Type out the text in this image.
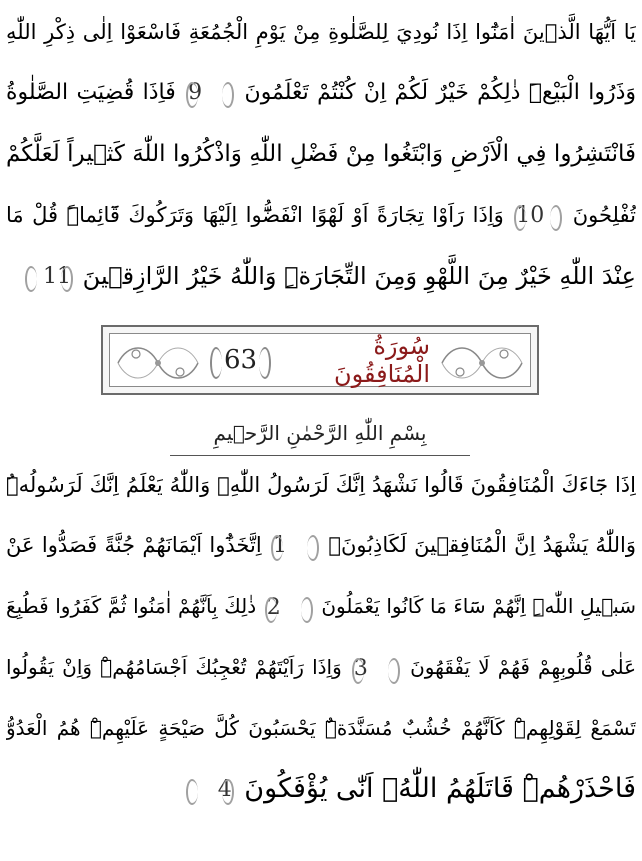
يَا اَيُّهَا الَّذ۪ينَ اٰمَنُٓوا اِذَا نُودِيَ لِلصَّلٰوةِ مِنْ يَوْمِ الْجُمُعَةِ فَاسْعَوْا اِلٰى ذِكْرِ اللّٰهِ
وَذَرُوا الْبَيْعَۜ ذٰلِكُمْ خَيْرٌ لَكُمْ اِنْ كُنْتُمْ تَعْلَمُونَ 9 فَاِذَا قُضِيَتِ الصَّلٰوةُ
فَانْتَشِرُوا فِي الْاَرْضِ وَابْتَغُوا مِنْ فَضْلِ اللّٰهِ وَاذْكُرُوا اللّٰهَ كَث۪يراً لَعَلَّكُمْ
تُفْلِحُونَ 10 وَاِذَا رَاَوْا تِجَارَةً اَوْ لَهْوًا انْفَضُّٓوا اِلَيْهَا وَتَرَكُوكَ قَٓائِماًۜ قُلْ مَا
عِنْدَ اللّٰهِ خَيْرٌ مِنَ اللَّهْوِ وَمِنَ التِّجَارَةِۜ وَاللّٰهُ خَيْرُ الرَّازِق۪ينَ 11
سُورَةُ الْمُنَافِقُونَ
63
بِسْمِ اللّٰهِ الرَّحْمٰنِ الرَّح۪يمِ
اِذَا جَٓاءَكَ الْمُنَافِقُونَ قَالُوا نَشْهَدُ اِنَّكَ لَرَسُولُ اللّٰهِۢ وَاللّٰهُ يَعْلَمُ اِنَّكَ لَرَسُولُهُۜ
وَاللّٰهُ يَشْهَدُ اِنَّ الْمُنَافِق۪ينَ لَكَاذِبُونَۚ 1 اِتَّخَذُٓوا اَيْمَانَهُمْ جُنَّةً فَصَدُّوا عَنْ
سَب۪يلِ اللّٰهِۜ اِنَّهُمْ سَٓاءَ مَا كَانُوا يَعْمَلُونَ 2 ذٰلِكَ بِاَنَّهُمْ اٰمَنُوا ثُمَّ كَفَرُوا فَطُبِعَ
عَلٰى قُلُوبِهِمْ فَهُمْ لَا يَفْقَهُونَ 3 وَاِذَا رَاَيْتَهُمْ تُعْجِبُكَ اَجْسَامُهُمْۜ وَاِنْ يَقُولُوا
تَسْمَعْ لِقَوْلِهِمْۜ كَاَنَّهُمْ خُشُبٌ مُسَنَّدَةٌۜ يَحْسَبُونَ كُلَّ صَيْحَةٍ عَلَيْهِمْۜ هُمُ الْعَدُوُّ
فَاحْذَرْهُمْۜ قَاتَلَهُمُ اللّٰهُۘ اَنّٰى يُؤْفَكُونَ 4
